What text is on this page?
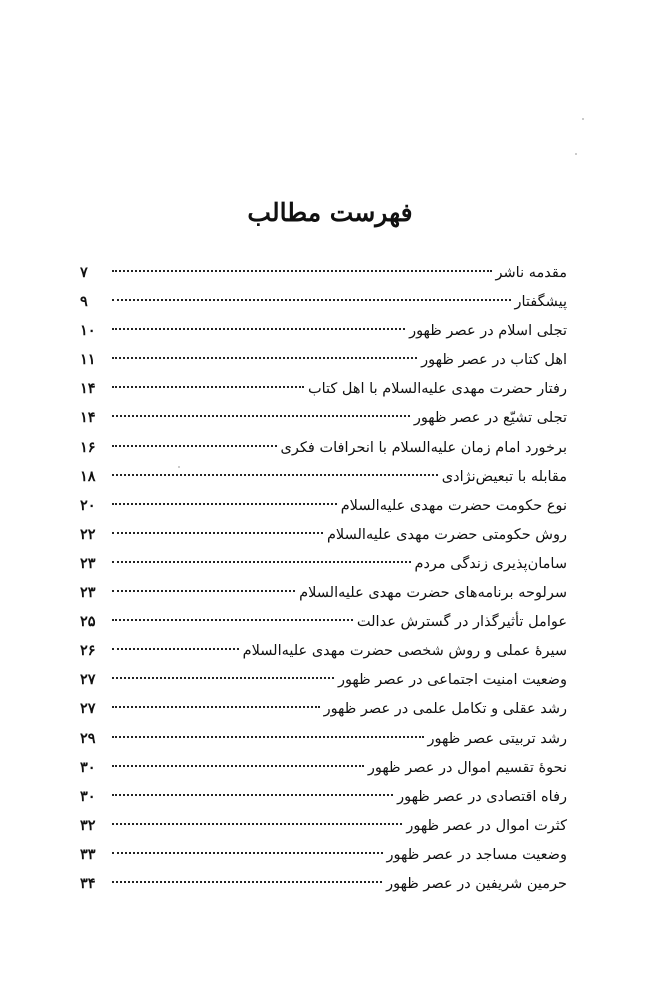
فهرست مطالب
مقدمه ناشر
۷
پیشگفتار
۹
تجلی اسلام در عصر ظهور
۱۰
اهل کتاب در عصر ظهور
۱۱
رفتار حضرت مهدی علیه‌السلام با اهل کتاب
۱۴
تجلی تشیّع در عصر ظهور
۱۴
برخورد امام زمان علیه‌السلام با انحرافات فکری
۱۶
مقابله با تبعیض‌نژادی
۱۸
نوع حکومت حضرت مهدی علیه‌السلام
۲۰
روش حکومتی حضرت مهدی علیه‌السلام
۲۲
سامان‌پذیری زندگی مردم
۲۳
سرلوحه برنامه‌های حضرت مهدی علیه‌السلام
۲۳
عوامل تأثیرگذار در گسترش عدالت
۲۵
سیرهٔ عملی و روش شخصی حضرت مهدی علیه‌السلام
۲۶
وضعیت امنیت اجتماعی در عصر ظهور
۲۷
رشد عقلی و تکامل علمی در عصر ظهور
۲۷
رشد تربیتی عصر ظهور
۲۹
نحوهٔ تقسیم اموال در عصر ظهور
۳۰
رفاه اقتصادی در عصر ظهور
۳۰
کثرت اموال در عصر ظهور
۳۲
وضعیت مساجد در عصر ظهور
۳۳
حرمین شریفین در عصر ظهور
۳۴
